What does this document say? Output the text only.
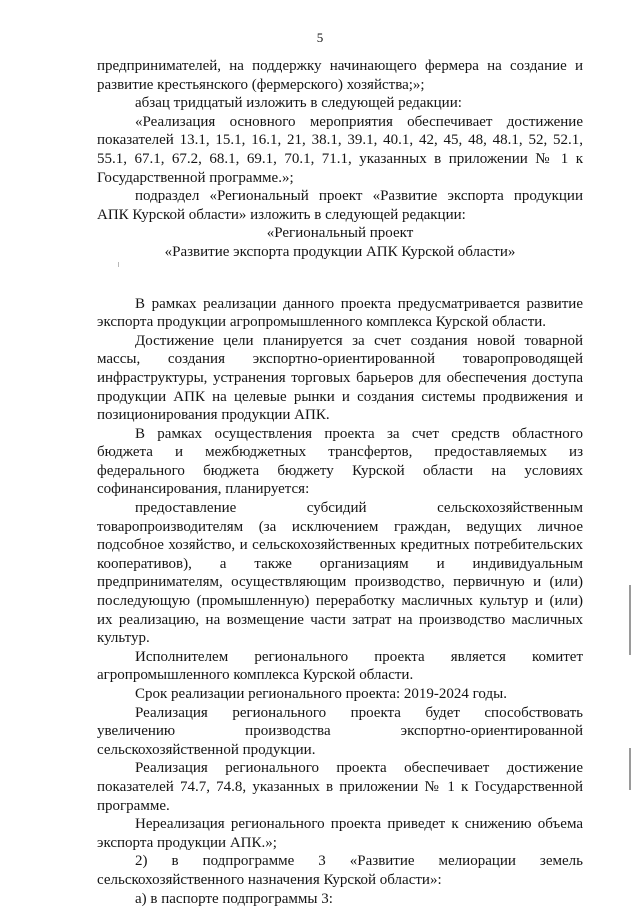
5

предпринимателей, на поддержку начинающего фермера на создание и

развитие крестьянского (фермерского) хозяйства;»;

абзац тридцатый изложить в следующей редакции:

«Реализация основного мероприятия обеспечивает достижение

показателей 13.1, 15.1, 16.1, 21, 38.1, 39.1, 40.1, 42, 45, 48, 48.1, 52, 52.1,

55.1, 67.1, 67.2, 68.1, 69.1, 70.1, 71.1, указанных в приложении № 1 к

Государственной программе.»;

подраздел «Региональный проект «Развитие экспорта продукции

АПК Курской области» изложить в следующей редакции:

«Региональный проект

«Развитие экспорта продукции АПК Курской области»

В рамках реализации данного проекта предусматривается развитие

экспорта продукции агропромышленного комплекса Курской области.

Достижение цели планируется за счет создания новой товарной

массы, создания экспортно-ориентированной товаропроводящей

инфраструктуры, устранения торговых барьеров для обеспечения доступа

продукции АПК на целевые рынки и создания системы продвижения и

позиционирования продукции АПК.

В рамках осуществления проекта за счет средств областного

бюджета и межбюджетных трансфертов, предоставляемых из

федерального бюджета бюджету Курской области на условиях

софинансирования, планируется:

предоставление субсидий сельскохозяйственным

товаропроизводителям (за исключением граждан, ведущих личное

подсобное хозяйство, и сельскохозяйственных кредитных потребительских

кооперативов), а также организациям и индивидуальным

предпринимателям, осуществляющим производство, первичную и (или)

последующую (промышленную) переработку масличных культур и (или)

их реализацию, на возмещение части затрат на производство масличных

культур.

Исполнителем регионального проекта является комитет

агропромышленного комплекса Курской области.

Срок реализации регионального проекта: 2019-2024 годы.

Реализация регионального проекта будет способствовать

увеличению производства экспортно-ориентированной

сельскохозяйственной продукции.

Реализация регионального проекта обеспечивает достижение

показателей 74.7, 74.8, указанных в приложении № 1 к Государственной

программе.

Нереализация регионального проекта приведет к снижению объема

экспорта продукции АПК.»;

2) в подпрограмме 3 «Развитие мелиорации земель

сельскохозяйственного назначения Курской области»:

а) в паспорте подпрограммы 3:
